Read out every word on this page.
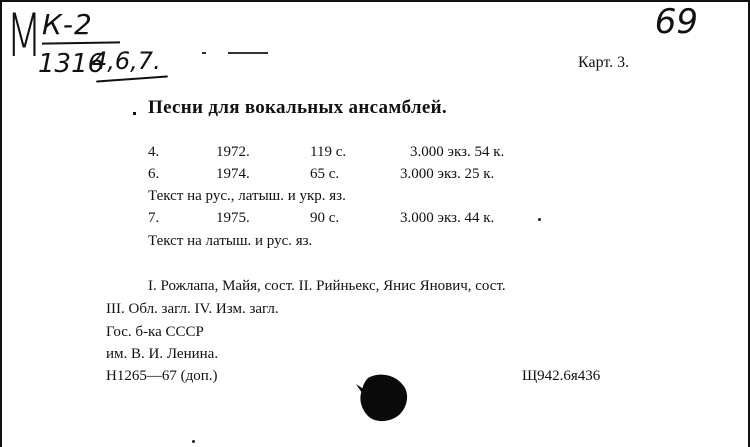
М К-2
1316
4,6,7.
69
Карт. 3.
Песни для вокальных ансамблей.
4.	1972.	119 с.	3.000 экз. 54 к.
6.	1974.	65 с.	3.000 экз. 25 к.
Текст на рус., латыш. и укр. яз.
7.	1975.	90 с.	3.000 экз. 44 к.
Текст на латыш. и рус. яз.
I. Рожлапа, Майя, сост. II. Рийньекс, Янис Янович, сост.
III. Обл. загл. IV. Изм. загл.
Гос. б-ка СССР
им. В. И. Ленина.
Н1265—67 (доп.)	Щ942.6я436
